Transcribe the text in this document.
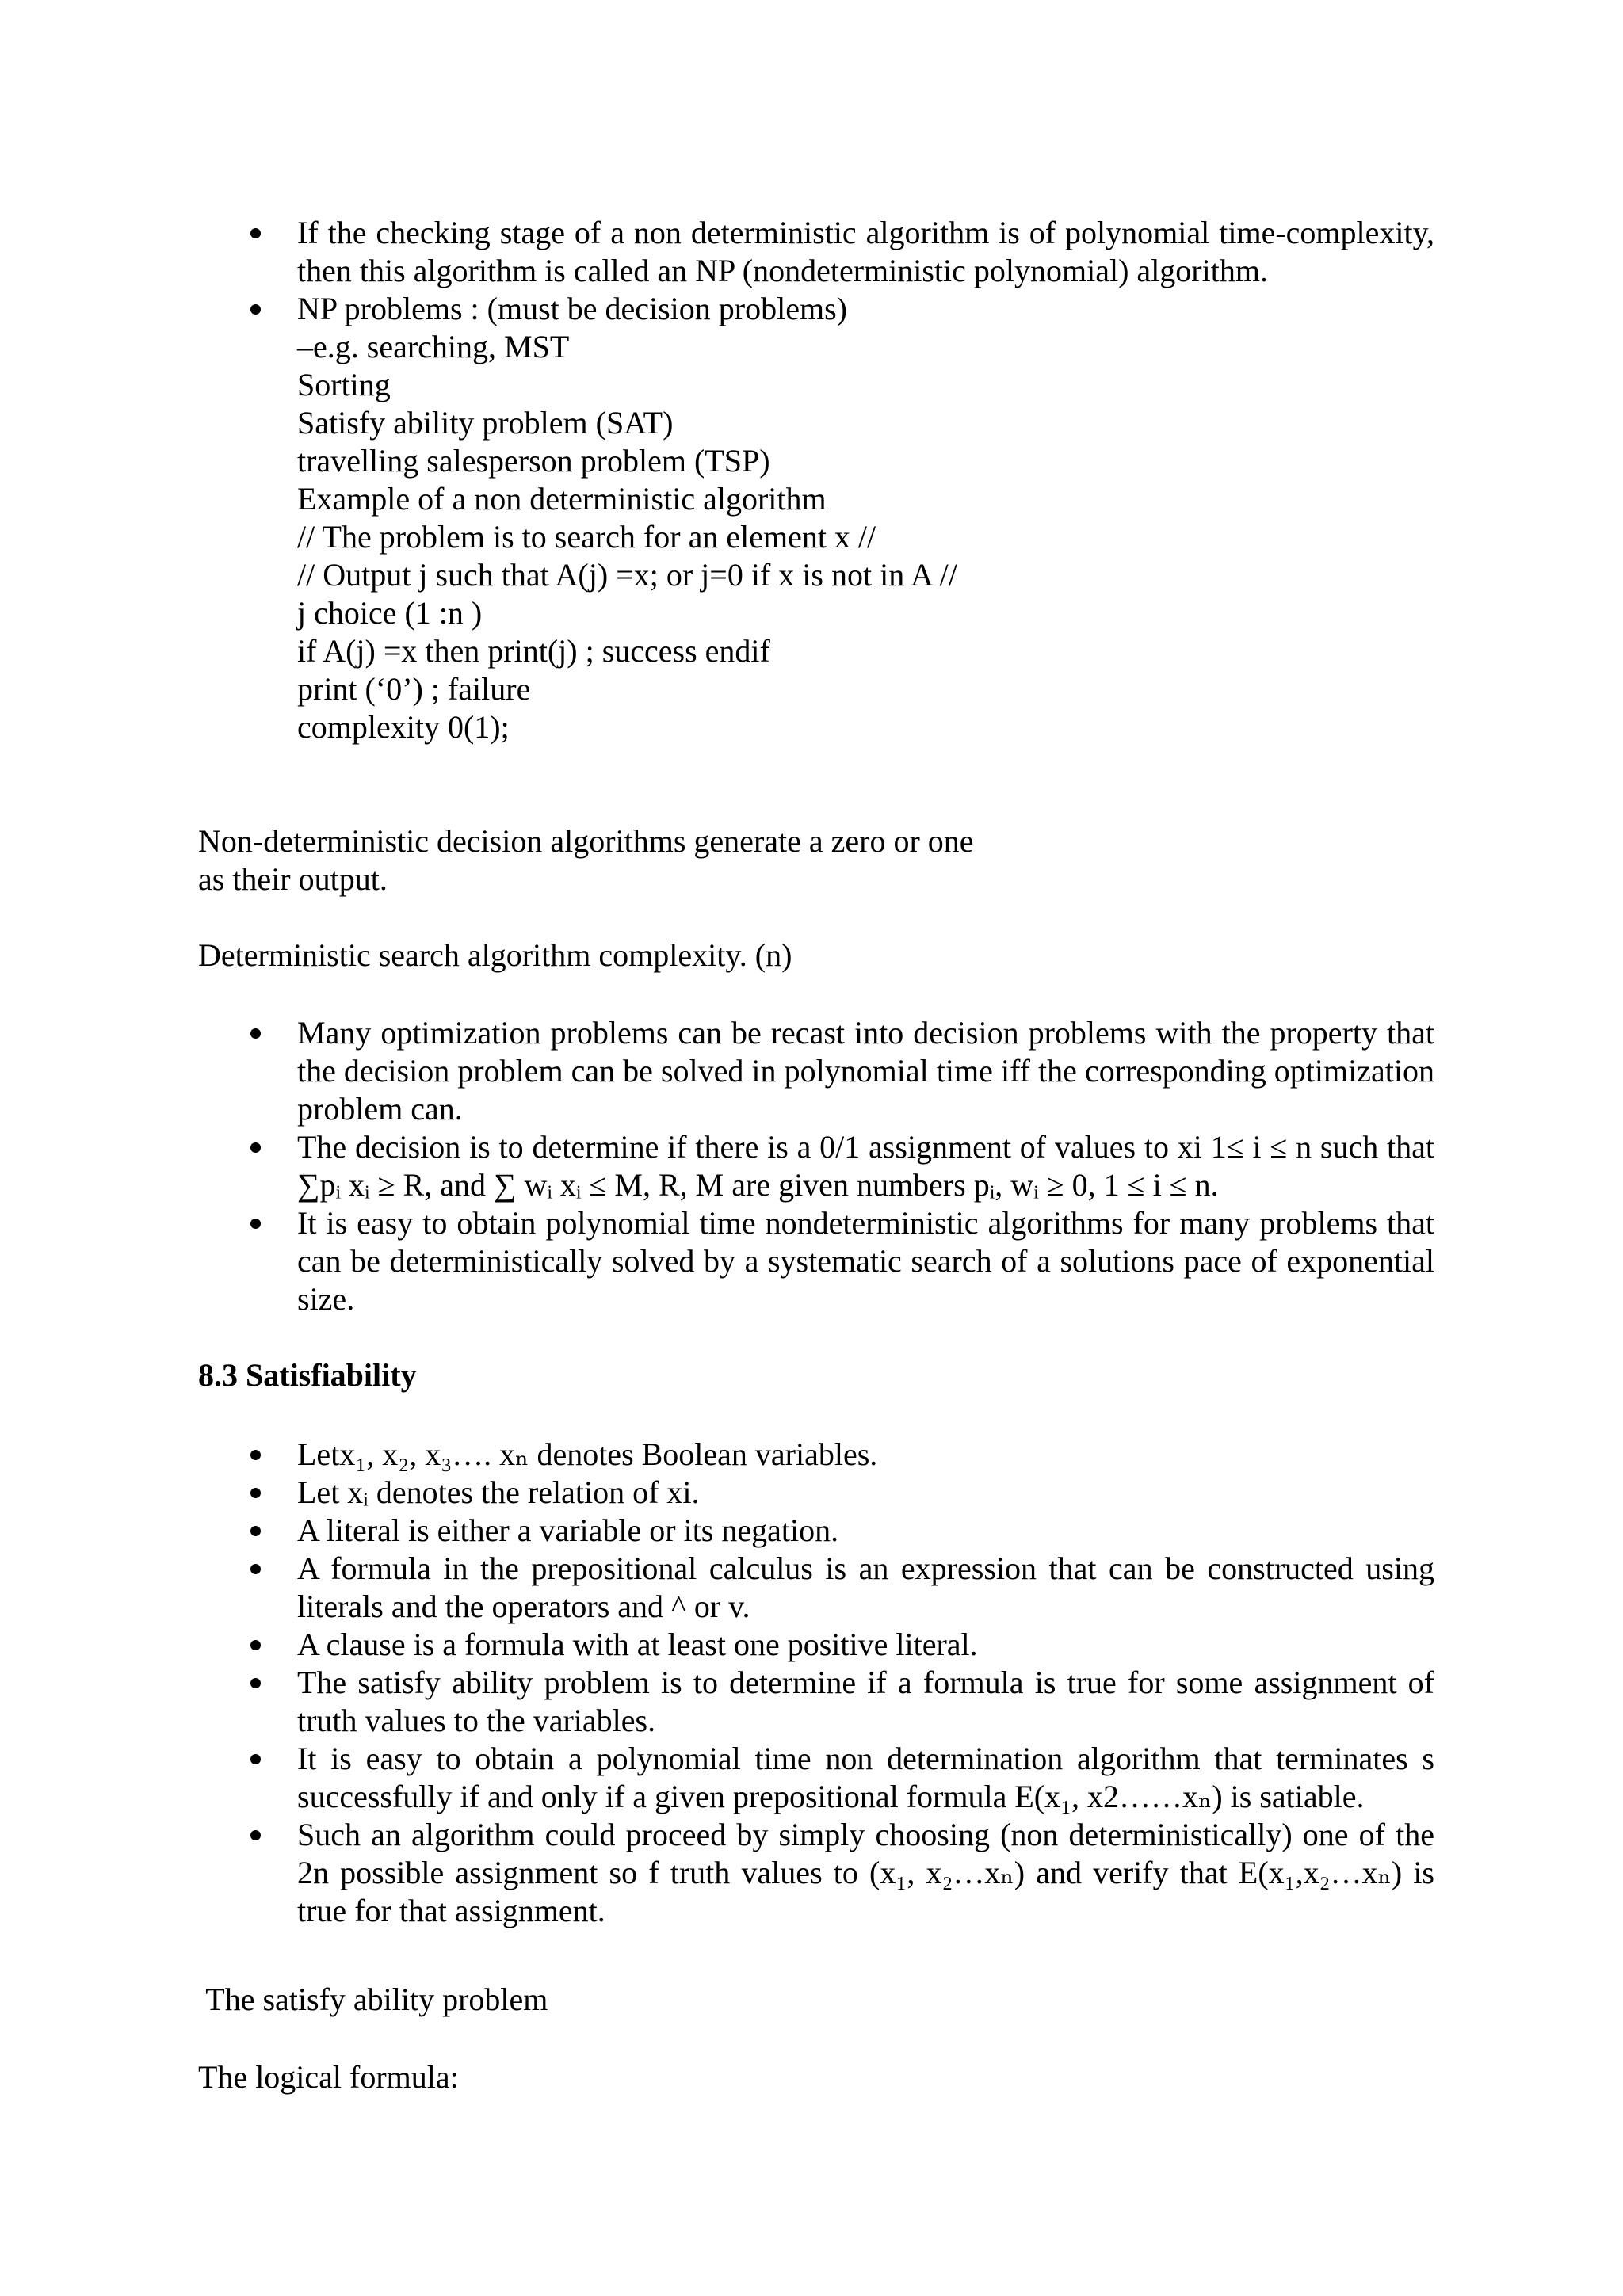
If the checking stage of a non deterministic algorithm is of polynomial time-complexity, then this algorithm is called an NP (nondeterministic polynomial) algorithm.
NP problems : (must be decision problems)
–e.g. searching, MST
Sorting
Satisfy ability problem (SAT)
travelling salesperson problem (TSP)
Example of a non deterministic algorithm
// The problem is to search for an element x //
// Output j such that A(j) =x; or j=0 if x is not in A //
j choice (1 :n )
if A(j) =x then print(j) ; success endif
print (‘0’) ; failure
complexity 0(1);
Non-deterministic decision algorithms generate a zero or one
as their output.

Deterministic search algorithm complexity. (n)

Many optimization problems can be recast into decision problems with the property that the decision problem can be solved in polynomial time iff the corresponding optimization problem can.
The decision is to determine if there is a 0/1 assignment of values to xi 1≤ i ≤ n such that ∑pᵢ xᵢ ≥ R, and ∑ wᵢ xᵢ ≤ M, R, M are given numbers pᵢ, wᵢ ≥ 0, 1 ≤ i ≤ n.
It is easy to obtain polynomial time nondeterministic algorithms for many problems that can be deterministically solved by a systematic search of a solutions pace of exponential size.
8.3 Satisfiability
Letx₁, x₂, x₃…. xₙ denotes Boolean variables.
Let xᵢ denotes the relation of xi.
A literal is either a variable or its negation.
A formula in the prepositional calculus is an expression that can be constructed using literals and the operators and ^ or v.
A clause is a formula with at least one positive literal.
The satisfy ability problem is to determine if a formula is true for some assignment of truth values to the variables.
It is easy to obtain a polynomial time non determination algorithm that terminates s successfully if and only if a given prepositional formula E(x₁, x2……xₙ) is satiable.
Such an algorithm could proceed by simply choosing (non deterministically) one of the 2n possible assignment so f truth values to (x₁, x₂…xₙ) and verify that E(x₁,x₂…xₙ) is true for that assignment.

The satisfy ability problem

The logical formula:
